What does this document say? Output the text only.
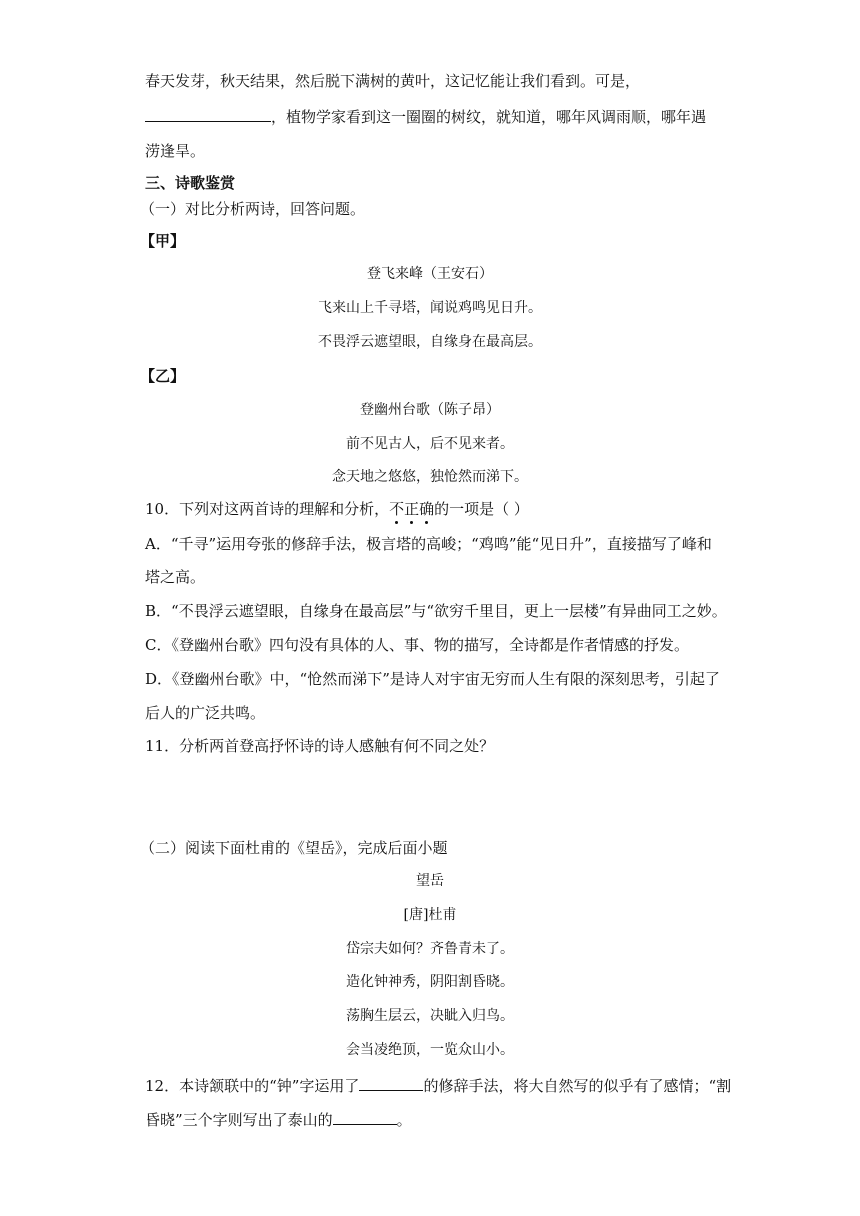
春天发芽，秋天结果，然后脱下满树的黄叶，这记忆能让我们看到。可是，
，植物学家看到这一圈圈的树纹，就知道，哪年风调雨顺，哪年遇
涝逢旱。
三、诗歌鉴赏
（一）对比分析两诗，回答问题。
【甲】
登飞来峰（王安石）
飞来山上千寻塔，闻说鸡鸣见日升。
不畏浮云遮望眼，自缘身在最高层。
【乙】
登幽州台歌（陈子昂）
前不见古人，后不见来者。
念天地之悠悠，独怆然而涕下。
10．下列对这两首诗的理解和分析，不正确的一项是（ ）
A．“千寻”运用夸张的修辞手法，极言塔的高峻；“鸡鸣”能“见日升”，直接描写了峰和
塔之高。
B．“不畏浮云遮望眼，自缘身在最高层”与“欲穷千里目，更上一层楼”有异曲同工之妙。
C．《登幽州台歌》四句没有具体的人、事、物的描写，全诗都是作者情感的抒发。
D．《登幽州台歌》中，“怆然而涕下”是诗人对宇宙无穷而人生有限的深刻思考，引起了
后人的广泛共鸣。
11．分析两首登高抒怀诗的诗人感触有何不同之处？
（二）阅读下面杜甫的《望岳》，完成后面小题
望岳
[唐]杜甫
岱宗夫如何？齐鲁青未了。
造化钟神秀，阴阳割昏晓。
荡胸生层云，决眦入归鸟。
会当凌绝顶，一览众山小。
12．本诗颔联中的“钟”字运用了	的修辞手法，将大自然写的似乎有了感情；“割
昏晓”三个字则写出了泰山的	。
